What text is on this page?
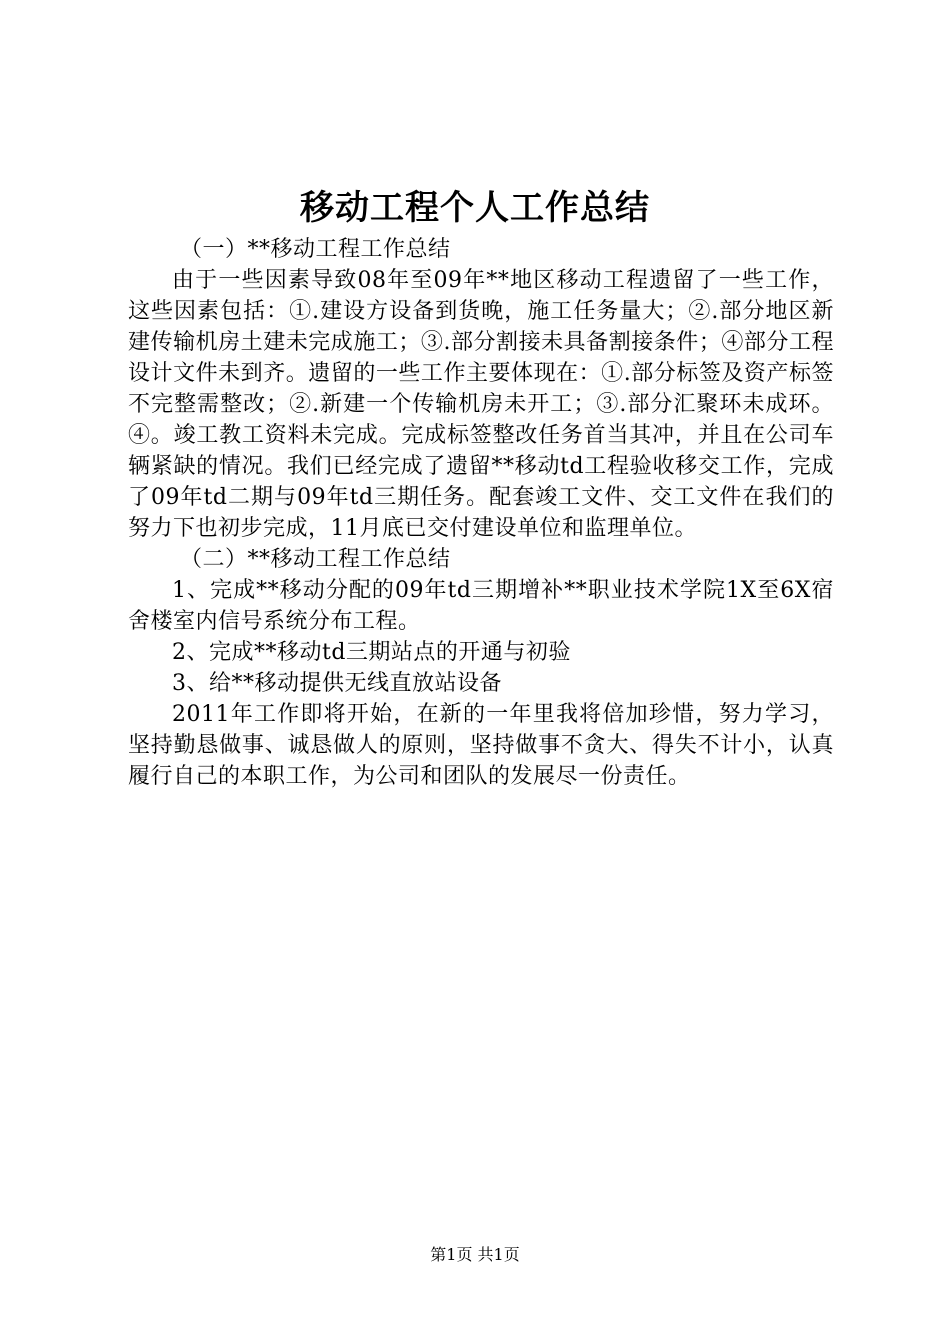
移动工程个人工作总结

（一）**移动工程工作总结

由于一些因素导致08年至09年**地区移动工程遗留了一些工作，这些因素包括：①.建设方设备到货晚，施工任务量大；②.部分地区新建传输机房土建未完成施工；③.部分割接未具备割接条件；④部分工程设计文件未到齐。遗留的一些工作主要体现在：①.部分标签及资产标签不完整需整改；②.新建一个传输机房未开工；③.部分汇聚环未成环。④。竣工教工资料未完成。完成标签整改任务首当其冲，并且在公司车辆紧缺的情况。我们已经完成了遗留**移动td工程验收移交工作，完成了09年td二期与09年td三期任务。配套竣工文件、交工文件在我们的努力下也初步完成，11月底已交付建设单位和监理单位。

（二）**移动工程工作总结

1、完成**移动分配的09年td三期增补**职业技术学院1X至6X宿舍楼室内信号系统分布工程。

2、完成**移动td三期站点的开通与初验

3、给**移动提供无线直放站设备

2011年工作即将开始，在新的一年里我将倍加珍惜，努力学习，坚持勤恳做事、诚恳做人的原则，坚持做事不贪大、得失不计小，认真履行自己的本职工作，为公司和团队的发展尽一份责任。

第1页 共1页
